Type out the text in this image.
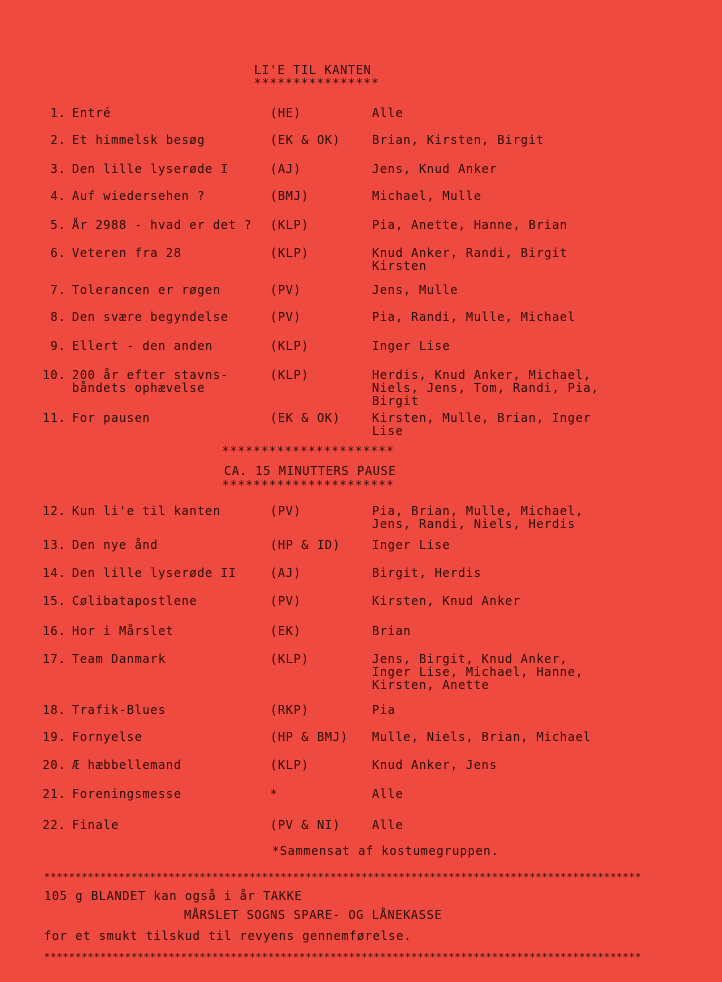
LI'E TIL KANTEN
****************
1. Entré	(HE)	Alle
2. Et himmelsk besøg	(EK & OK)	Brian, Kirsten, Birgit
3. Den lille lyserøde I	(AJ)	Jens, Knud Anker
4. Auf wiedersehen ?	(BMJ)	Michael, Mulle
5. År 2988 - hvad er det ? (KLP)	Pia, Anette, Hanne, Brian
6. Veteren fra 28	(KLP)	Knud Anker, Randi, Birgit
Kirsten
7. Tolerancen er røgen	(PV)	Jens, Mulle
8. Den svære begyndelse	(PV)	Pia, Randi, Mulle, Michael
9. Ellert - den anden	(KLP)	Inger Lise
10. 200 år efter stavns-
båndets ophævelse
(KLP)	Herdis, Knud Anker, Michael,
Niels, Jens, Tom, Randi, Pia,
Birgit
11. For pausen	(EK & OK)	Kirsten, Mulle, Brian, Inger
Lise
12. Kun li'e til kanten	(PV)	Pia, Brian, Mulle, Michael,
Jens, Randi, Niels, Herdis
13. Den nye ånd	(HP & ID)	Inger Lise
14. Den lille lyserøde II	(AJ)	Birgit, Herdis
15. Cølibatapostlene	(PV)	Kirsten, Knud Anker
16. Hor i Mårslet	(EK)	Brian
17. Team Danmark	(KLP)	Jens, Birgit, Knud Anker,
Inger Lise, Michael, Hanne,
Kirsten, Anette
18. Trafik-Blues	(RKP)	Pia
19. Fornyelse	(HP & BMJ) Mulle, Niels, Brian, Michael
20. Æ hæbbellemand	(KLP)	Knud Anker, Jens
21. Foreningsmesse	*	Alle
22. Finale	(PV & NI)	Alle
**********************
CA. 15 MINUTTERS PAUSE
**********************
*Sammensat af kostumegruppen.
************************************************************************************************
105 g BLANDET kan også i år TAKKE
MÅRSLET SOGNS SPARE- OG LÅNEKASSE
for et smukt tilskud til revyens gennemførelse.
************************************************************************************************
